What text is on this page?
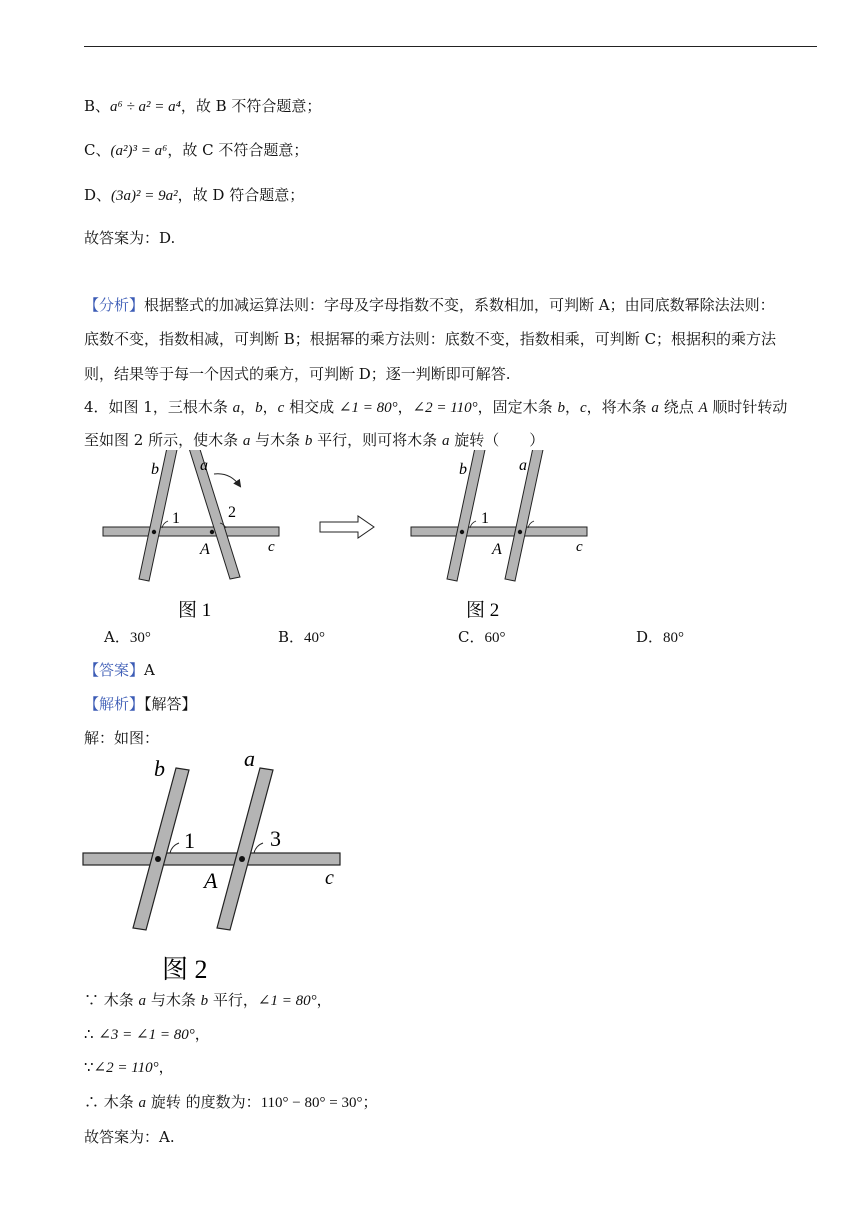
B、a⁶ ÷ a² = a⁴，故 B 不符合题意；
C、(a²)³ = a⁶，故 C 不符合题意；
D、(3a)² = 9a²，故 D 符合题意；
故答案为：D.
【分析】根据整式的加减运算法则：字母及字母指数不变，系数相加，可判断 A；由同底数幂除法法则：
底数不变，指数相减，可判断 B；根据幂的乘方法则：底数不变，指数相乘，可判断 C；根据积的乘方法
则，结果等于每一个因式的乘方，可判断 D；逐一判断即可解答.
4．如图 1，三根木条 a，b，c 相交成 ∠1 = 80°，∠2 = 110°，固定木条 b，c，将木条 a 绕点 A 顺时针转动
至如图 2 所示，使木条 a 与木条 b 平行，则可将木条 a 旋转（　　）
b	a
1	2
A	c
图 1
b	a
1
A	c
图 2
A．30°	B．40°	C．60°	D．80°
【答案】A
【解析】【解答】
解：如图：
b	a
1	3
A	c
图 2
∵ 木条 a 与木条 b 平行，∠1 = 80°，
∴ ∠3 = ∠1 = 80°，
∵∠2 = 110°，
∴ 木条 a 旋转 的度数为：110° − 80° = 30°；
故答案为：A.
